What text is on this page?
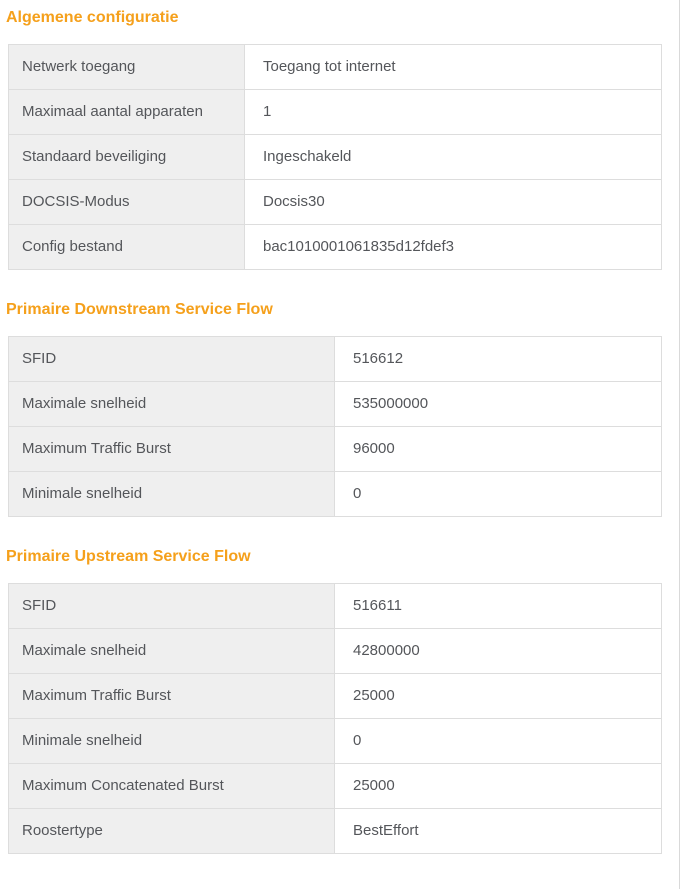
Algemene configuratie
Netwerk toegang	Toegang tot internet
Maximaal aantal apparaten	1
Standaard beveiliging	Ingeschakeld
DOCSIS-Modus	Docsis30
Config bestand	bac1010001061835d12fdef3
Primaire Downstream Service Flow
SFID	516612
Maximale snelheid	535000000
Maximum Traffic Burst	96000
Minimale snelheid	0
Primaire Upstream Service Flow
SFID	516611
Maximale snelheid	42800000
Maximum Traffic Burst	25000
Minimale snelheid	0
Maximum Concatenated Burst	25000
Roostertype	BestEffort
